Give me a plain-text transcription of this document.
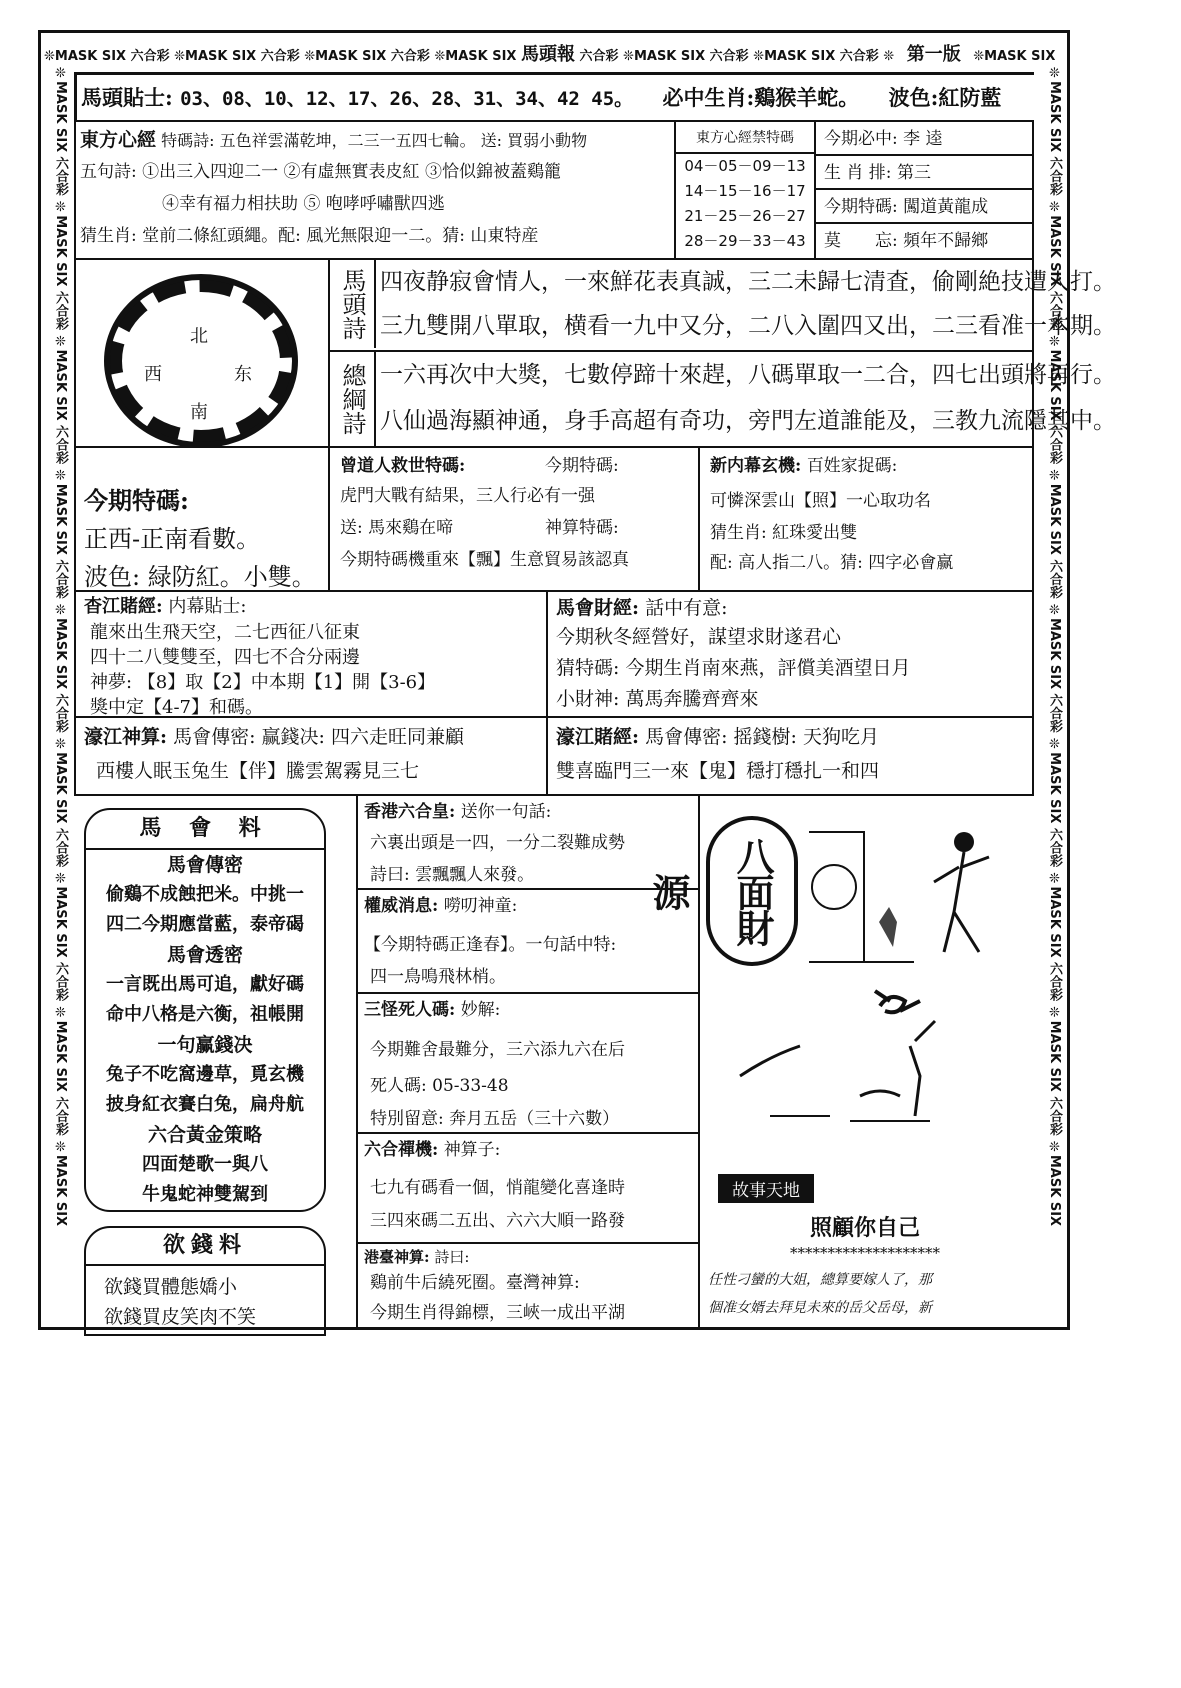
❊MASK SIX 六合彩 ❊MASK SIX 六合彩 ❊MASK SIX 六合彩 ❊MASK SIX 馬頭報 六合彩 ❊MASK SIX 六合彩 ❊MASK SIX 六合彩 ❊ 第一版 ❊MASK SIX
❊MASK SIX 六合彩 ❊MASK SIX 六合彩 ❊MASK SIX 六合彩 ❊MASK SIX 六合彩 ❊MASK SIX 六合彩 ❊MASK SIX 六合彩 ❊MASK SIX 六合彩 ❊MASK SIX 六合彩 ❊MASK SIX	❊MASK SIX 六合彩 ❊MASK SIX 六合彩 ❊MASK SIX 六合彩 ❊MASK SIX 六合彩 ❊MASK SIX 六合彩 ❊MASK SIX 六合彩 ❊MASK SIX 六合彩 ❊MASK SIX 六合彩 ❊MASK SIX
馬頭貼士: 03、08、10、12、17、26、28、31、34、42 45。 必中生肖:鷄猴羊蛇。 波色:紅防藍
東方心經 特碼詩: 五色祥雲滿乾坤，二三一五四七輪。 送: 買弱小動物
五句詩: ①出三入四迎二一 ②有虛無實表皮紅 ③恰似錦被蓋鷄籠
④幸有福力相扶助 ⑤ 咆哮呼嘯獸四逃
猜生肖: 堂前二條紅頭繩。配: 風光無限迎一二。猜: 山東特産
東方心經禁特碼
04－05－09－13
14－15－16－17
21－25－26－27
28－29－33－43
今期必中: 李 逵
生 肖 排: 第三
今期特碼: 闖道黃龍成
莫　　忘: 頻年不歸鄉
北
西	东
南
馬頭詩 四夜静寂會情人，一來鮮花表真誠，三二未歸七清査，偷剛絶技遭人打。
三九雙開八單取，横看一九中又分，二八入圍四又出，二三看准一本期。
總綱詩 一六再次中大獎，七數停蹄十來趕，八碼單取一二合，四七出頭將再行。
八仙過海顯神通，身手高超有奇功，旁門左道誰能及，三教九流隱其中。
今期特碼:
正西-正南看數。
波色: 緑防紅。小雙。
曾道人救世特碼:	今期特碼:
虎門大戰有結果，三人行必有一强
送: 馬來鷄在啼	神算特碼:
今期特碼機重來【飄】生意貿易該認真
新内幕玄機: 百姓家捉碼:
可憐深雲山【照】一心取功名
猜生肖: 紅珠愛出雙
配: 高人指二八。猜: 四字必會赢
杳江賭經: 内幕貼士:
龍來出生飛天空，二七西征八征東
四十二八雙雙至，四七不合分兩邊
神夢: 【8】取【2】中本期【1】開【3-6】
獎中定【4-7】和碼。
馬會財經: 話中有意:
今期秋冬經營好，謀望求財遂君心
猜特碼: 今期生肖南來燕，評償美酒望日月
小財神: 萬馬奔騰齊齊來
濠江神算: 馬會傳密: 赢錢决: 四六走旺同兼顧
西樓人眠玉兔生【伴】騰雲駕霧見三七
濠江賭經: 馬會傳密: 摇錢樹: 天狗吃月
雙喜臨門三一來【鬼】穩打穩扎一和四
馬 會 料
馬會傳密
偷鷄不成蝕把米。中挑一
四二今期應當藍，泰帝碣
馬會透密
一言既出馬可追，獻好碼
命中八格是六衡，祖帳開
一句赢錢决
兔子不吃窩邊草，覓玄機
披身紅衣賽白兔，扁舟航
六合黃金策略
四面楚歌一與八
牛鬼蛇神雙駕到
欲錢料
欲錢買體態嬌小
欲錢買皮笑肉不笑
香港六合皇: 送你一句話:
六裏出頭是一四，一分二裂難成勢
詩曰: 雲飄飄人來發。
權威消息: 嘮叨神童:
【今期特碼正逢春】。一句話中特:
四一鳥鳴飛林梢。
三怪死人碼: 妙解:
今期難舍最難分，三六添九六在后
死人碼: 05-33-48
特別留意: 奔月五岳（三十六數）
六合禪機: 神算子:
七九有碼看一個，悄龍變化喜逢時
三四來碼二五出、六六大順一路發
港臺神算: 詩曰:
鷄前牛后繞死圈。臺灣神算:
今期生肖得錦標，三峽一成出平湖
八面財源
故事天地
照顧你自己
********************
任性刁蠻的大姐，總算要嫁人了，那
個准女婿去拜見未來的岳父岳母，新
